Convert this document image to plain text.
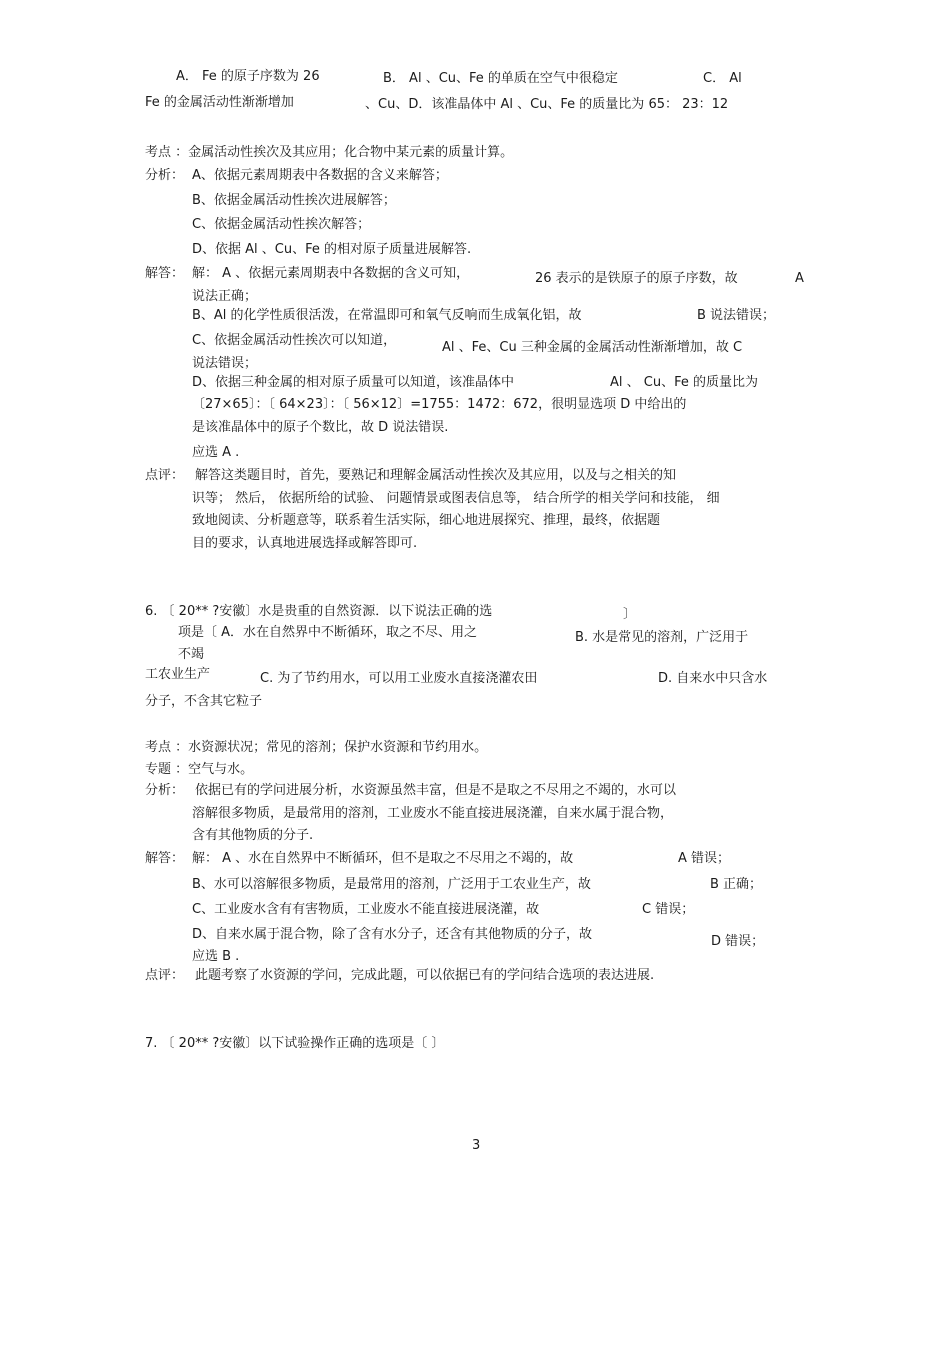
A． Fe 的原子序数为 26	B． Al 、Cu、Fe 的单质在空气中很稳定	C． Al
Fe 的金属活动性渐渐增加	、Cu、D．该准晶体中 Al 、Cu、Fe 的质量比为 65： 23：12
考点 ：金属活动性挨次及其应用；化合物中某元素的质量计算。
分析： A、依据元素周期表中各数据的含义来解答；
B、依据金属活动性挨次进展解答；
C、依据金属活动性挨次解答；
D、依据 Al 、Cu、Fe 的相对原子质量进展解答.
解答： 解： A 、依据元素周期表中各数据的含义可知，	26 表示的是铁原子的原子序数，故	A
说法正确；
B、Al 的化学性质很活泼，在常温即可和氧气反响而生成氧化铝，故	B 说法错误；
C、依据金属活动性挨次可以知道，	Al 、Fe、Cu 三种金属的金属活动性渐渐增加，故 C
说法错误；
D、依据三种金属的相对原子质量可以知道，该准晶体中	Al 、 Cu、Fe 的质量比为
〔27×65〕：〔 64×23〕：〔 56×12〕=1755：1472：672，很明显选项 D 中给出的
是该准晶体中的原子个数比，故 D 说法错误.
应选 A .
点评： 解答这类题目时，首先，要熟记和理解金属活动性挨次及其应用，以及与之相关的知
识等； 然后， 依据所给的试验、 问题情景或图表信息等， 结合所学的相关学问和技能， 细
致地阅读、分析题意等，联系着生活实际，细心地进展探究、推理，最终，依据题
目的要求，认真地进展选择或解答即可.
6. 〔 20** ?安徽〕水是贵重的自然资源．以下说法正确的选	〕
项是〔 A．水在自然界中不断循环，取之不尽、用之	B. 水是常见的溶剂，广泛用于
不竭
工农业生产	C. 为了节约用水，可以用工业废水直接浇灌农田	D. 自来水中只含水
分子，不含其它粒子
考点 ：水资源状况；常见的溶剂；保护水资源和节约用水。
专题 ：空气与水。
分析： 依据已有的学问进展分析，水资源虽然丰富，但是不是取之不尽用之不竭的，水可以
溶解很多物质，是最常用的溶剂，工业废水不能直接进展浇灌，自来水属于混合物，
含有其他物质的分子.
解答： 解： A 、水在自然界中不断循环，但不是取之不尽用之不竭的，故	A 错误；
B、水可以溶解很多物质，是最常用的溶剂，广泛用于工农业生产，故	B 正确；
C、工业废水含有有害物质，工业废水不能直接进展浇灌，故	C 错误；
D、自来水属于混合物，除了含有水分子，还含有其他物质的分子，故	D 错误；
应选 B .
点评： 此题考察了水资源的学问，完成此题，可以依据已有的学问结合选项的表达进展.
7. 〔 20** ?安徽〕以下试验操作正确的选项是〔 〕
3
